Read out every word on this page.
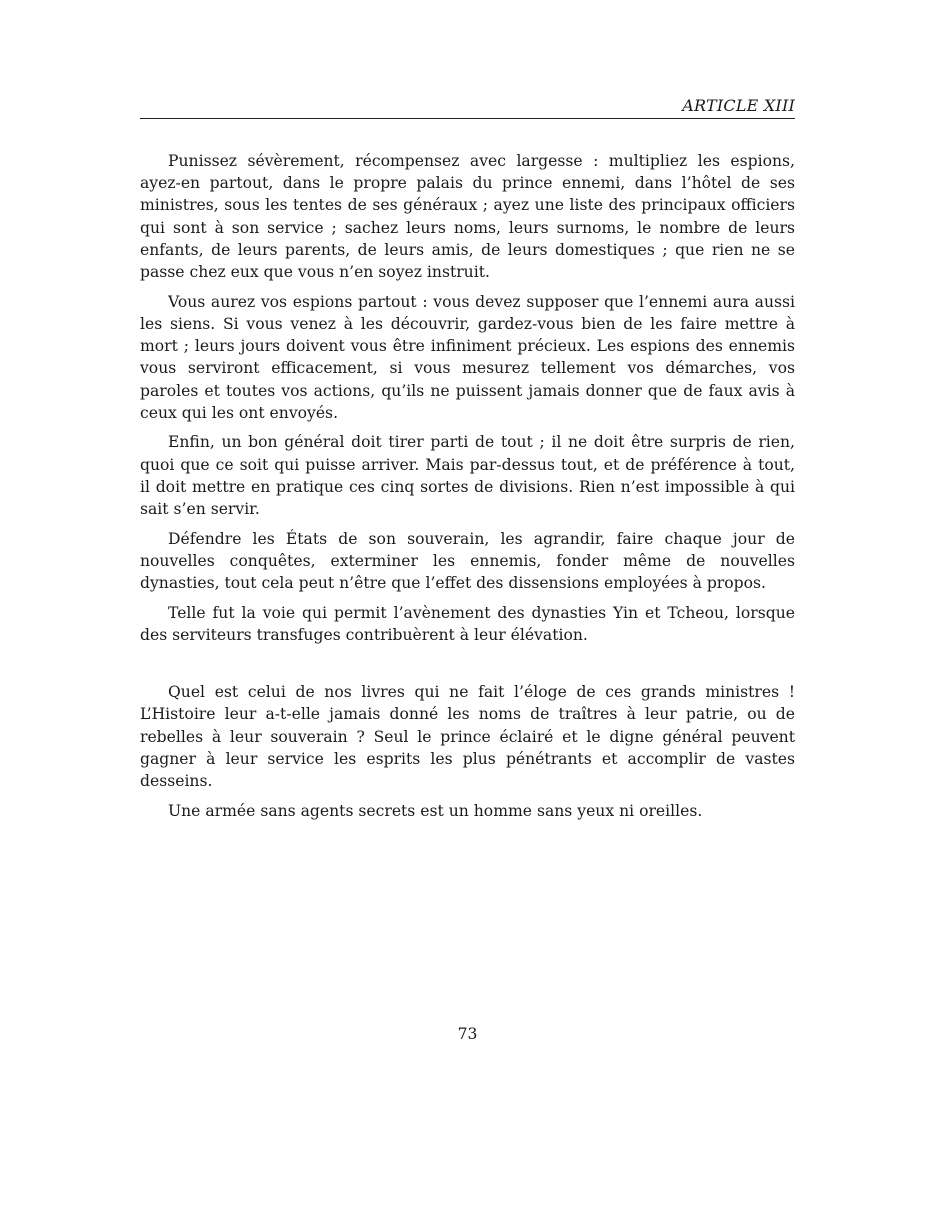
ARTICLE XIII

Punissez sévèrement, récompensez avec largesse : multipliez les espions, ayez-en partout, dans le propre palais du prince ennemi, dans l’hôtel de ses ministres, sous les tentes de ses généraux ; ayez une liste des principaux officiers qui sont à son service ; sachez leurs noms, leurs surnoms, le nombre de leurs enfants, de leurs parents, de leurs amis, de leurs domestiques ; que rien ne se passe chez eux que vous n’en soyez instruit.

Vous aurez vos espions partout : vous devez supposer que l’ennemi aura aussi les siens. Si vous venez à les découvrir, gardez-vous bien de les faire mettre à mort ; leurs jours doivent vous être infiniment précieux. Les espions des ennemis vous serviront efficacement, si vous mesurez tellement vos démarches, vos paroles et toutes vos actions, qu’ils ne puissent jamais donner que de faux avis à ceux qui les ont envoyés.

Enfin, un bon général doit tirer parti de tout ; il ne doit être surpris de rien, quoi que ce soit qui puisse arriver. Mais par-dessus tout, et de préférence à tout, il doit mettre en pratique ces cinq sortes de divisions. Rien n’est impossible à qui sait s’en servir.

Défendre les États de son souverain, les agrandir, faire chaque jour de nouvelles conquêtes, exterminer les ennemis, fonder même de nouvelles dynasties, tout cela peut n’être que l’effet des dissensions employées à propos.

Telle fut la voie qui permit l’avènement des dynasties Yin et Tcheou, lorsque des serviteurs transfuges contribuèrent à leur élévation.

Quel est celui de nos livres qui ne fait l’éloge de ces grands ministres ! L’Histoire leur a-t-elle jamais donné les noms de traîtres à leur patrie, ou de rebelles à leur souverain ? Seul le prince éclairé et le digne général peuvent gagner à leur service les esprits les plus pénétrants et accomplir de vastes desseins.

Une armée sans agents secrets est un homme sans yeux ni oreilles.

73
